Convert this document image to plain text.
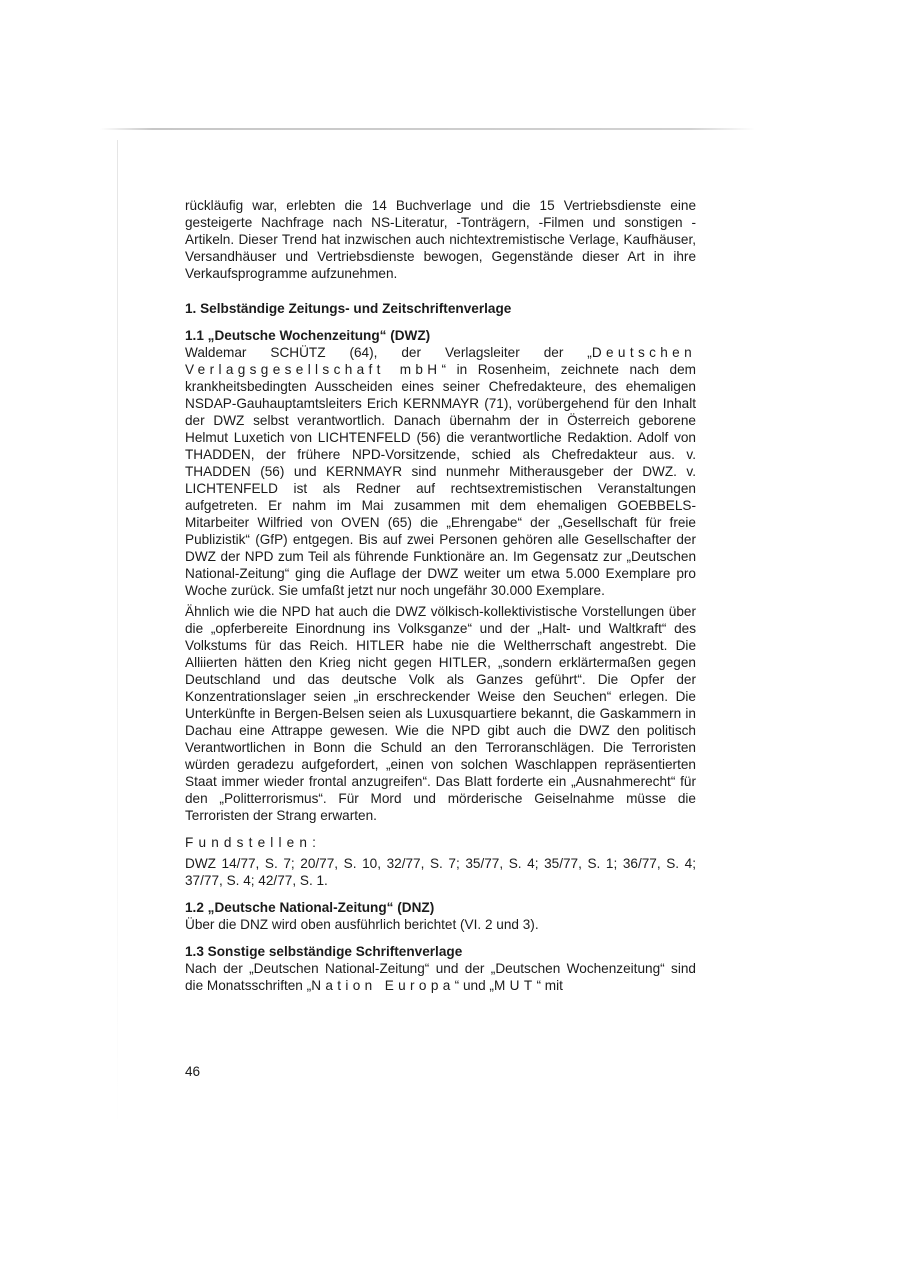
rückläufig war, erlebten die 14 Buchverlage und die 15 Vertriebsdienste eine gesteigerte Nachfrage nach NS-Literatur, -Tonträgern, -Filmen und sonstigen -Artikeln. Dieser Trend hat inzwischen auch nichtextremistische Verlage, Kaufhäuser, Versandhäuser und Vertriebsdienste bewogen, Gegenstände dieser Art in ihre Verkaufsprogramme aufzunehmen.

1. Selbständige Zeitungs- und Zeitschriftenverlage
1.1 „Deutsche Wochenzeitung“ (DWZ)

Waldemar SCHÜTZ (64), der Verlagsleiter der „Deutschen Verlagsgesellschaft mbH“ in Rosenheim, zeichnete nach dem krankheitsbedingten Ausscheiden eines seiner Chefredakteure, des ehemaligen NSDAP-Gauhauptamtsleiters Erich KERNMAYR (71), vorübergehend für den Inhalt der DWZ selbst verantwortlich. Danach übernahm der in Österreich geborene Helmut Luxetich von LICHTENFELD (56) die verantwortliche Redaktion. Adolf von THADDEN, der frühere NPD-Vorsitzende, schied als Chefredakteur aus. v. THADDEN (56) und KERNMAYR sind nunmehr Mitherausgeber der DWZ. v. LICHTENFELD ist als Redner auf rechtsextremistischen Veranstaltungen aufgetreten. Er nahm im Mai zusammen mit dem ehemaligen GOEBBELS-Mitarbeiter Wilfried von OVEN (65) die „Ehrengabe“ der „Gesellschaft für freie Publizistik“ (GfP) entgegen. Bis auf zwei Personen gehören alle Gesellschafter der DWZ der NPD zum Teil als führende Funktionäre an. Im Gegensatz zur „Deutschen National-Zeitung“ ging die Auflage der DWZ weiter um etwa 5.000 Exemplare pro Woche zurück. Sie umfaßt jetzt nur noch ungefähr 30.000 Exemplare.

Ähnlich wie die NPD hat auch die DWZ völkisch-kollektivistische Vorstellungen über die „opferbereite Einordnung ins Volksganze“ und der „Halt- und Waltkraft“ des Volkstums für das Reich. HITLER habe nie die Weltherrschaft angestrebt. Die Alliierten hätten den Krieg nicht gegen HITLER, „sondern erklärtermaßen gegen Deutschland und das deutsche Volk als Ganzes geführt“. Die Opfer der Konzentrationslager seien „in erschreckender Weise den Seuchen“ erlegen. Die Unterkünfte in Bergen-Belsen seien als Luxusquartiere bekannt, die Gaskammern in Dachau eine Attrappe gewesen. Wie die NPD gibt auch die DWZ den politisch Verantwortlichen in Bonn die Schuld an den Terroranschlägen. Die Terroristen würden geradezu aufgefordert, „einen von solchen Waschlappen repräsentierten Staat immer wieder frontal anzugreifen“. Das Blatt forderte ein „Ausnahmerecht“ für den „Politterrorismus“. Für Mord und mörderische Geiselnahme müsse die Terroristen der Strang erwarten.

Fundstellen:

DWZ 14/77, S. 7; 20/77, S. 10, 32/77, S. 7; 35/77, S. 4; 35/77, S. 1; 36/77, S. 4; 37/77, S. 4; 42/77, S. 1.

1.2 „Deutsche National-Zeitung“ (DNZ)

Über die DNZ wird oben ausführlich berichtet (VI. 2 und 3).

1.3 Sonstige selbständige Schriftenverlage

Nach der „Deutschen National-Zeitung“ und der „Deutschen Wochenzeitung“ sind die Monatsschriften „Nation Europa“ und „MUT“ mit

46
